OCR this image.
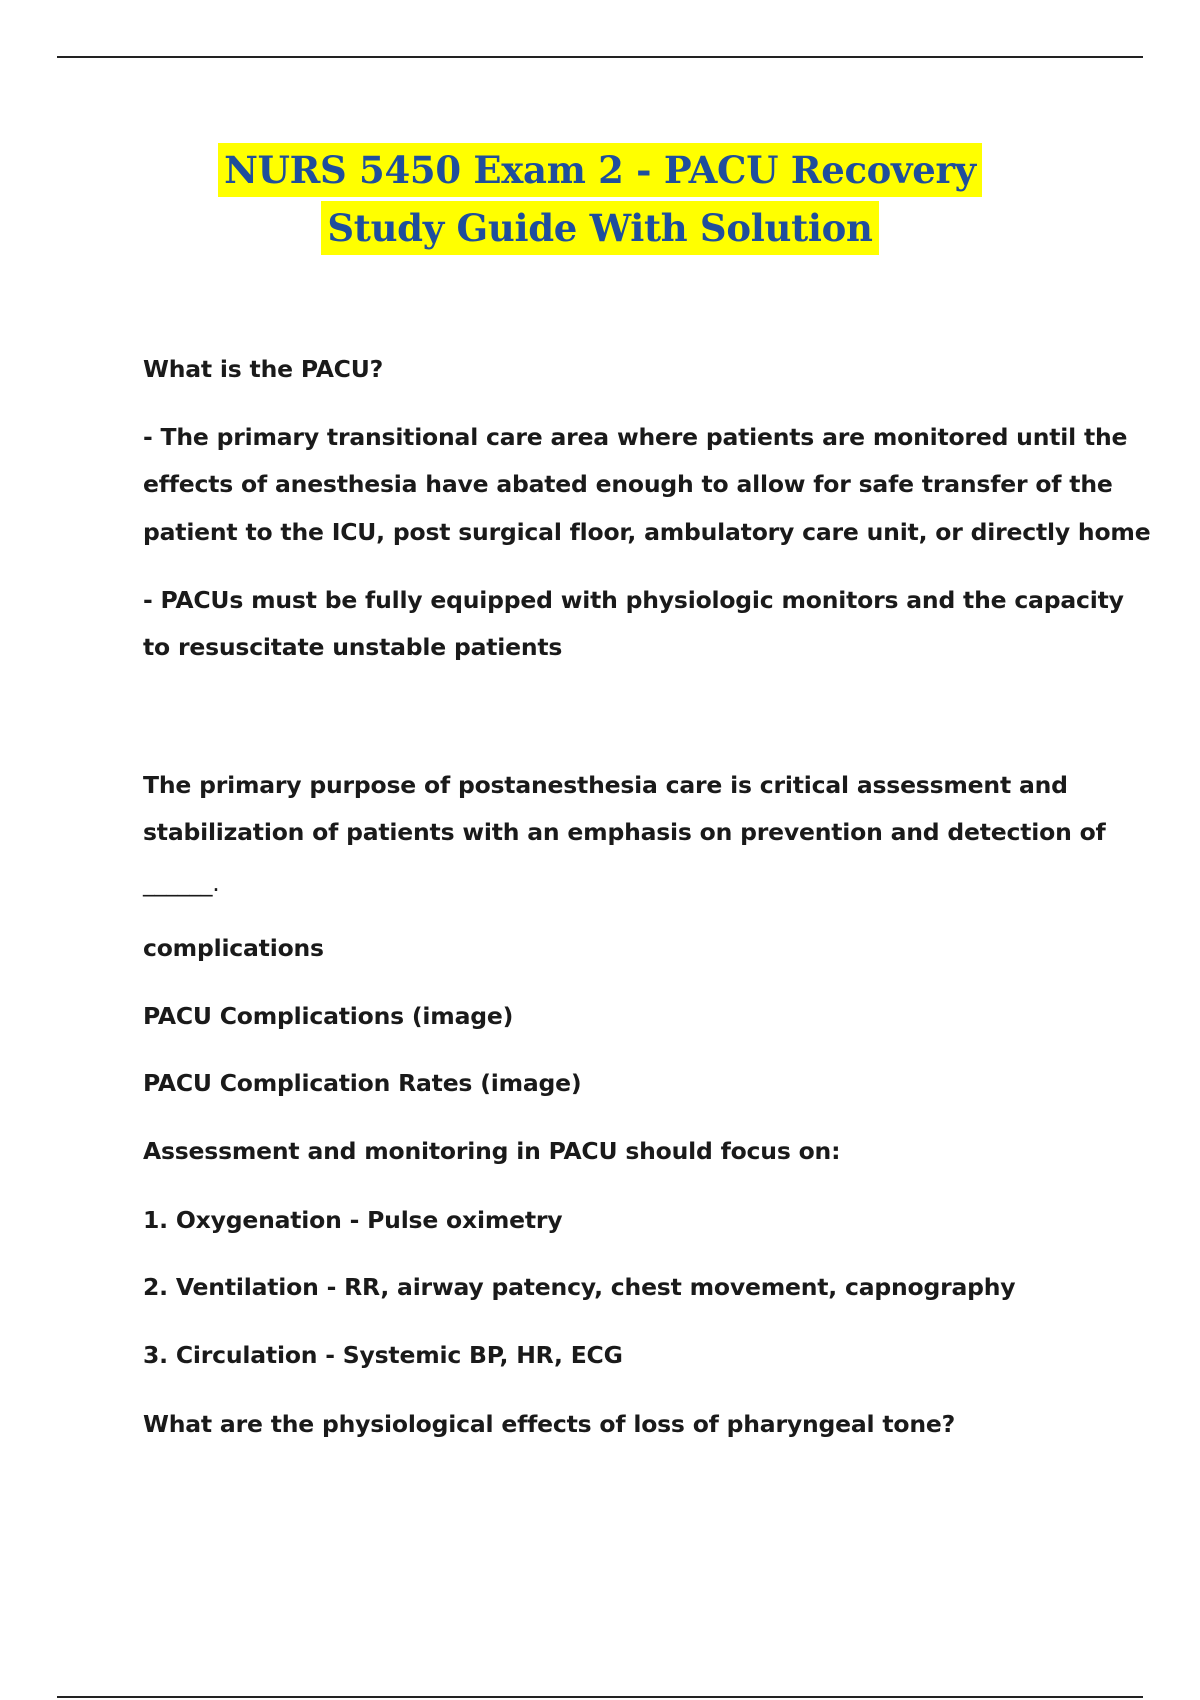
NURS 5450 Exam 2 - PACU Recovery
Study Guide With Solution
What is the PACU?
- The primary transitional care area where patients are monitored until the
effects of anesthesia have abated enough to allow for safe transfer of the
patient to the ICU, post surgical floor, ambulatory care unit, or directly home
- PACUs must be fully equipped with physiologic monitors and the capacity
to resuscitate unstable patients
The primary purpose of postanesthesia care is critical assessment and
stabilization of patients with an emphasis on prevention and detection of
______.
complications
PACU Complications (image)
PACU Complication Rates (image)
Assessment and monitoring in PACU should focus on:
1. Oxygenation - Pulse oximetry
2. Ventilation - RR, airway patency, chest movement, capnography
3. Circulation - Systemic BP, HR, ECG
What are the physiological effects of loss of pharyngeal tone?
